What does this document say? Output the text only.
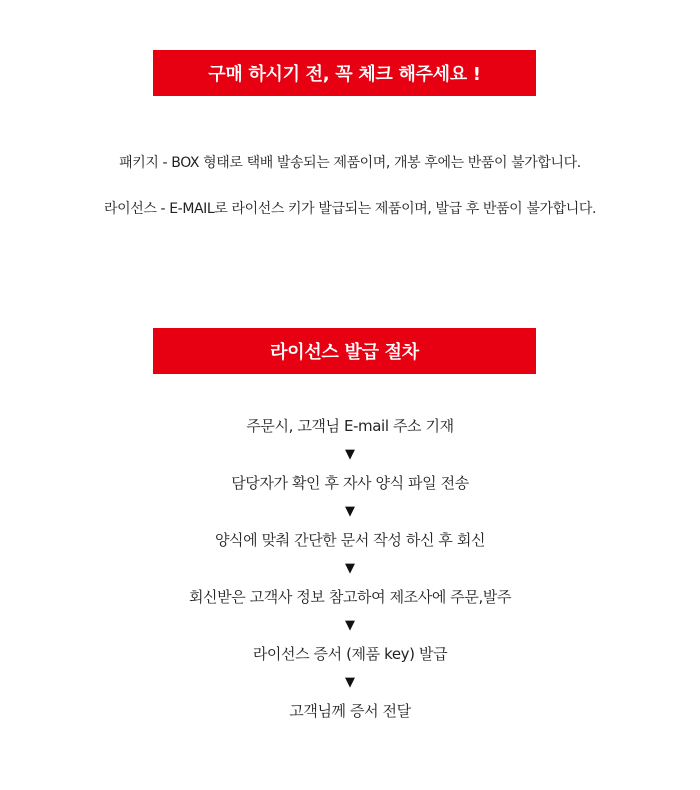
구매 하시기 전, 꼭 체크 해주세요 !
패키지 - BOX 형태로 택배 발송되는 제품이며, 개봉 후에는 반품이 불가합니다.
라이선스 - E-MAIL로 라이선스 키가 발급되는 제품이며, 발급 후 반품이 불가합니다.
라이선스 발급 절차
주문시, 고객님 E-mail 주소 기재
▼
담당자가 확인 후 자사 양식 파일 전송
▼
양식에 맞춰 간단한 문서 작성 하신 후 회신
▼
회신받은 고객사 정보 참고하여 제조사에 주문,발주
▼
라이선스 증서 (제품 key) 발급
▼
고객님께 증서 전달
